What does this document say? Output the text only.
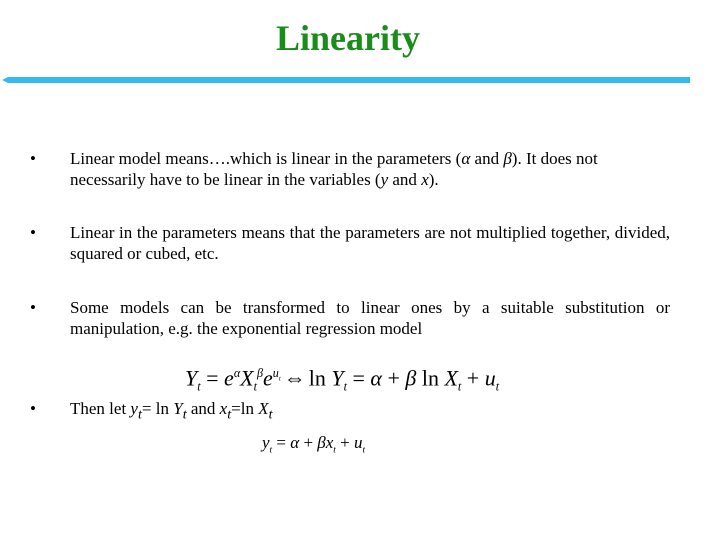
Linearity
• Linear model means….which is linear in the parameters (α and β). It does not necessarily have to be linear in the variables (y and x).
• Linear in the parameters means that the parameters are not multiplied together, divided, squared or cubed, etc.
• Some models can be transformed to linear ones by a suitable substitution or manipulation, e.g. the exponential regression model
$Y_t = e^\alpha X_t^\beta e^{u_t}$ ⇔ $\ln Y_t = \alpha + \beta$ $\ln X_t + u_t$
• Then let $y_t= \ln Y_t$ and $x_t=\ln$ $X_t$
$y_t = \alpha + \beta x_t + u_t$
